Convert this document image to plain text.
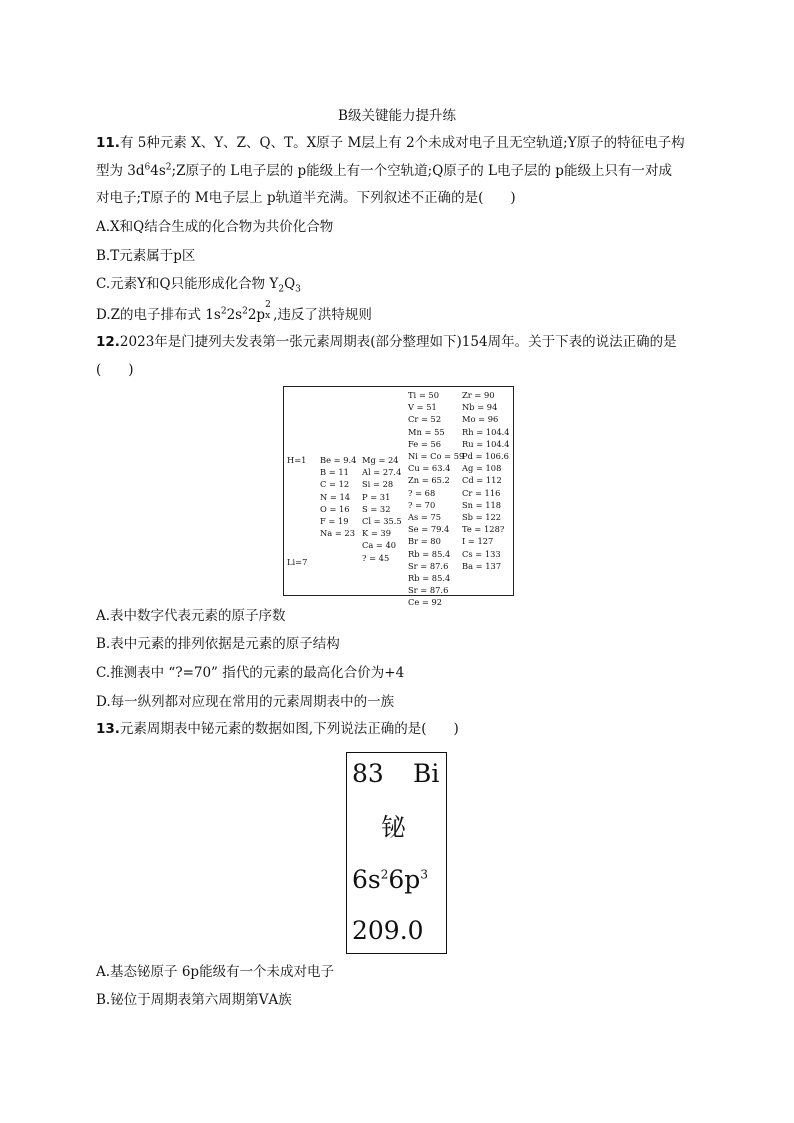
B级关键能力提升练
11.有 5种元素 X、Y、Z、Q、T。X原子 M层上有 2个未成对电子且无空轨道;Y原子的特征电子构
型为 $3d^64s^2;Z$原子的 L电子层的 p能级上有一个空轨道;Q原子的 L电子层的 p能级上只有一对成
对电子;T原子的 M电子层上 p轨道半充满。下列叙述不正确的是(　　)
A.X和Q结合生成的化合物为共价化合物
B.T元素属于p区
C.元素Y和Q只能形成化合物 $Y_2Q_3$
D.Z的电子排布式 $1s^22s^22p$
2
x ,违反了洪特规则
12.2023年是门捷列夫发表第一张元素周期表(部分整理如下)154周年。关于下表的说法正确的是
(　　)
H=1
Li=7
Be = 9.4
B = 11
C = 12
N = 14
O = 16
F = 19
Na = 23
Mg = 24
Al = 27.4
Si = 28
P = 31
S = 32
Cl = 35.5
K = 39
Ca = 40
? = 45
Ti = 50
V = 51
Cr = 52
Mn = 55
Fe = 56
Ni = Co = 59
Cu = 63.4
Zn = 65.2
? = 68
? = 70
As = 75
Se = 79.4
Br = 80
Rb = 85.4
Sr = 87.6
Rb = 85.4
Sr = 87.6
Ce = 92
Zr = 90
Nb = 94
Mo = 96
Rh = 104.4
Ru = 104.4
Pd = 106.6
Ag = 108
Cd = 112
Cr = 116
Sn = 118
Sb = 122
Te = 128?
I = 127
Cs = 133
Ba = 137
A.表中数字代表元素的原子序数
B.表中元素的排列依据是元素的原子结构
C.推测表中 “?=70” 指代的元素的最高化合价为+4
D.每一纵列都对应现在常用的元素周期表中的一族
13.元素周期表中铋元素的数据如图,下列说法正确的是(　　)
83 Bi
铋
$6s^26p^3$
209.0
A.基态铋原子 6p能级有一个未成对电子
B.铋位于周期表第六周期第ⅤA族
